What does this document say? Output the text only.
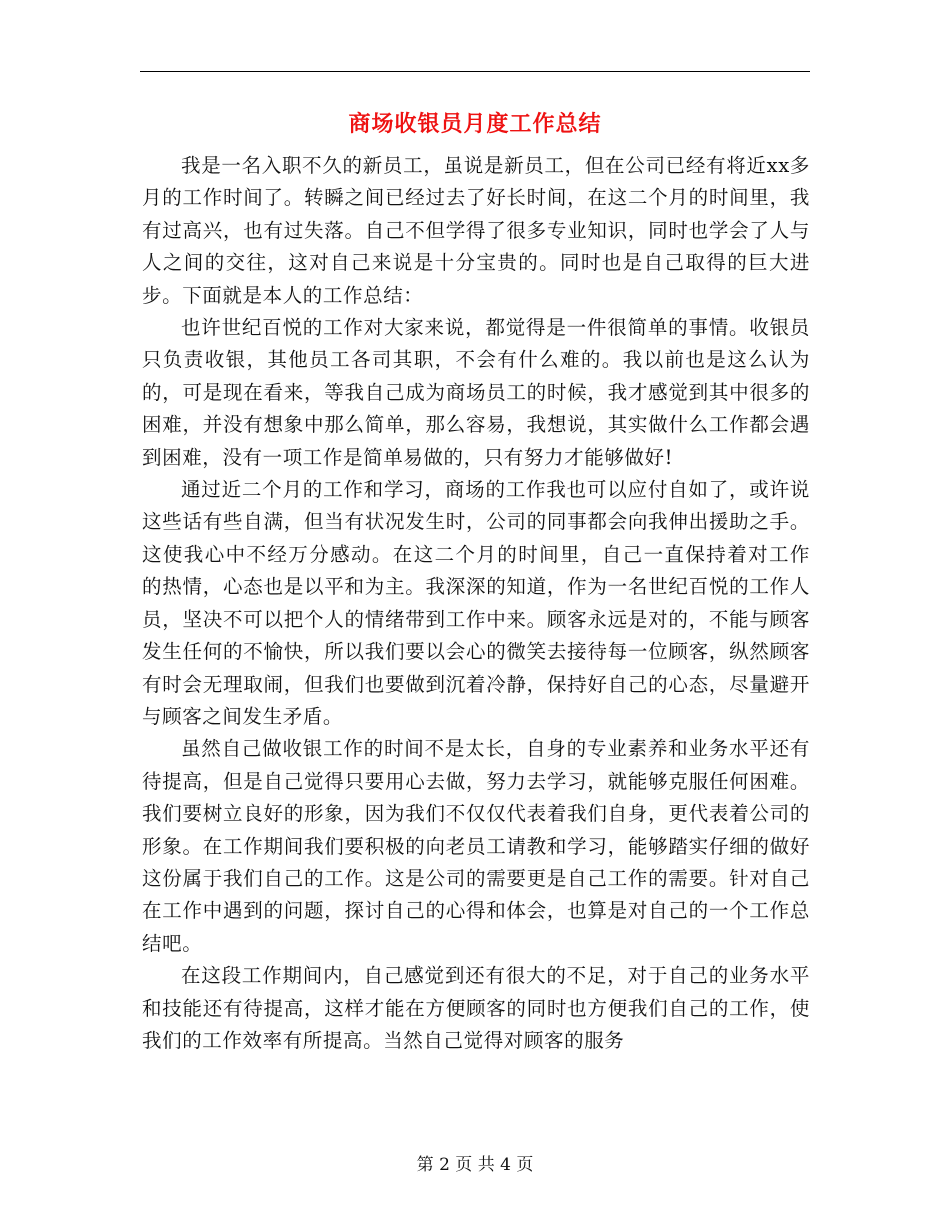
商场收银员月度工作总结

我是一名入职不久的新员工，虽说是新员工，但在公司已经有将近xx多月的工作时间了。转瞬之间已经过去了好长时间，在这二个月的时间里，我有过高兴，也有过失落。自己不但学得了很多专业知识，同时也学会了人与人之间的交往，这对自己来说是十分宝贵的。同时也是自己取得的巨大进步。下面就是本人的工作总结：

也许世纪百悦的工作对大家来说，都觉得是一件很简单的事情。收银员只负责收银，其他员工各司其职，不会有什么难的。我以前也是这么认为的，可是现在看来，等我自己成为商场员工的时候，我才感觉到其中很多的困难，并没有想象中那么简单，那么容易，我想说，其实做什么工作都会遇到困难，没有一项工作是简单易做的，只有努力才能够做好!

通过近二个月的工作和学习，商场的工作我也可以应付自如了，或许说这些话有些自满，但当有状况发生时，公司的同事都会向我伸出援助之手。这使我心中不经万分感动。在这二个月的时间里，自己一直保持着对工作 的热情，心态也是以平和为主。我深深的知道，作为一名世纪百悦的工作人员，坚决不可以把个人的情绪带到工作中来。顾客永远是对的，不能与顾客发生任何的不愉快，所以我们要以会心的微笑去接待每一位顾客，纵然顾客有时会无理取闹，但我们也要做到沉着冷静，保持好自己的心态，尽量避开与顾客之间发生矛盾。

虽然自己做收银工作的时间不是太长，自身的专业素养和业务水平还有待提高，但是自己觉得只要用心去做，努力去学习，就能够克服任何困难。我们要树立良好的形象，因为我们不仅仅代表着我们自身，更代表着公司的形象。在工作期间我们要积极的向老员工请教和学习，能够踏实仔细的做好这份属于我们自己的工作。这是公司的需要更是自己工作的需要。针对自己在工作中遇到的问题，探讨自己的心得和体会，也算是对自己的一个工作总结吧。

在这段工作期间内，自己感觉到还有很大的不足，对于自己的业务水平和技能还有待提高，这样才能在方便顾客的同时也方便我们自己的工作，使我们的工作效率有所提高。当然自己觉得对顾客的服务

第 2 页 共 4 页
